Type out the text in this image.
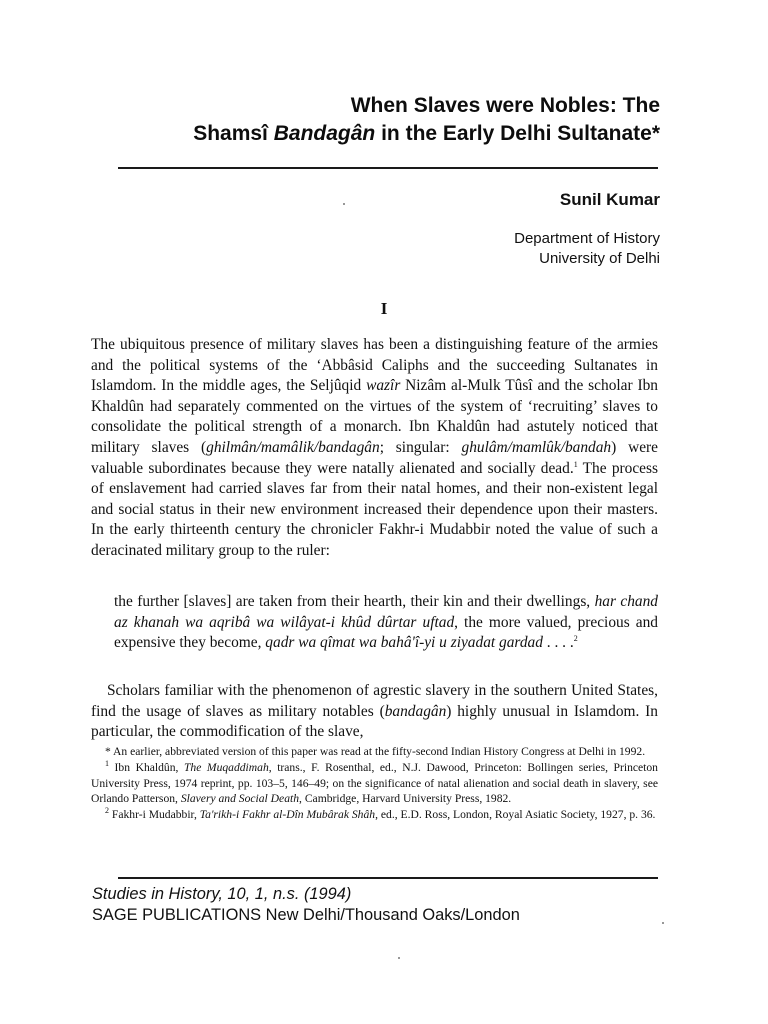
When Slaves were Nobles: The
Shamsî Bandagân in the Early Delhi Sultanate*
Sunil Kumar
Department of History
University of Delhi
I
The ubiquitous presence of military slaves has been a distinguishing feature of the armies and the political systems of the ‘Abbâsid Caliphs and the succeeding Sultanates in Islamdom. In the middle ages, the Seljûqid wazîr Nizâm al-Mulk Tûsî and the scholar Ibn Khaldûn had separately commented on the virtues of the system of ‘recruiting’ slaves to consolidate the political strength of a monarch. Ibn Khaldûn had astutely noticed that military slaves (ghilmân/mamâlik/bandagân; singular: ghulâm/mamlûk/bandah) were valuable subordinates because they were natally alienated and socially dead.$^1$ The process of enslavement had carried slaves far from their natal homes, and their non-existent legal and social status in their new environment increased their dependence upon their masters. In the early thirteenth century the chronicler Fakhr-i Mudabbir noted the value of such a deracinated military group to the ruler:
the further [slaves] are taken from their hearth, their kin and their dwellings, har chand az khanah wa aqribâ wa wilâyat-i khûd dûrtar uftad, the more valued, precious and expensive they become, qadr wa qîmat wa bahâ'î-yi u ziyadat gardad . . . .$^2$
Scholars familiar with the phenomenon of agrestic slavery in the southern United States, find the usage of slaves as military notables (bandagân) highly unusual in Islamdom. In particular, the commodification of the slave,

* An earlier, abbreviated version of this paper was read at the fifty-second Indian History Congress at Delhi in 1992.

$^1$ Ibn Khaldûn, The Muqaddimah, trans., F. Rosenthal, ed., N.J. Dawood, Princeton: Bollingen series, Princeton University Press, 1974 reprint, pp. 103–5, 146–49; on the significance of natal alienation and social death in slavery, see Orlando Patterson, Slavery and Social Death, Cambridge, Harvard University Press, 1982.

$^2$ Fakhr-i Mudabbir, Ta'rikh-i Fakhr al-Dîn Mubârak Shâh, ed., E.D. Ross, London, Royal Asiatic Society, 1927, p. 36.

Studies in History, 10, 1, n.s. (1994)
SAGE PUBLICATIONS New Delhi/Thousand Oaks/London
